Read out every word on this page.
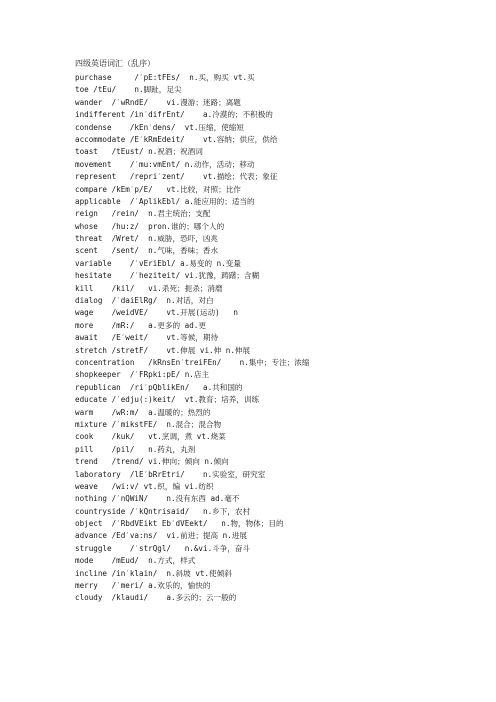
四级英语词汇（乱序）
purchase     /ˊpE:tFEs/  n.买，购买 vt.买
toe /tEu/    n.脚趾，足尖
wander  /ˊwRndE/    vi.漫游；迷路；离题
indifferent /inˊdifrEnt/    a.冷漠的；不积极的
condense    /kEnˊdens/  vt.压缩，使缩短
accommodate /EˊkRmEdeit/    vt.容纳；供应，供给
toast   /tEust/ n.祝酒；祝酒词
movement    /ˊmu:vmEnt/ n.动作，活动；移动
represent   /repriˊzent/    vt.描绘；代表；象征
compare /kEmˊp/E/   vt.比较，对照；比作
applicable  /ˊAplikEbl/ a.能应用的；适当的
reign   /rein/  n.君主统治；支配
whose   /hu:z/  pron.谁的；哪个人的
threat  /Wret/  n.威胁，恐吓，凶兆
scent   /sent/  n.气味，香味；香水
variable    /ˊvEriEbl/ a.易变的 n.变量
hesitate    /ˊheziteit/ vi.犹豫，踌躇；含糊
kill    /kil/   vi.杀死；扼杀；消磨
dialog  /ˊdaiElRg/  n.对话，对白
wage    /weidVE/    vt.开展(运动)   n
more    /mR:/   a.更多的 ad.更
await   /Eˊweit/    vt.等候，期待
stretch /stretF/    vt.伸展 vi.伸 n.伸展
concentration   /kRnsEnˊtreiFEn/    n.集中；专注；浓缩
shopkeeper  /ˊFRpki:pE/ n.店主
republican  /riˊpQblikEn/   a.共和国的
educate /ˊedju(:)keit/  vt.教育；培养，训练
warm    /wR:m/  a.温暖的；热烈的
mixture /ˊmikstFE/  n.混合；混合物
cook    /kuk/   vt.烹调，煮 vt.烧菜
pill    /pil/   n.药丸，丸剂
trend   /trend/ vi.伸向；倾向 n.倾向
laboratory  /lEˊbRrEtri/    n.实验室，研究室
weave   /wi:v/ vt.织，编 vi.纺织
nothing /ˊnQWiN/    n.没有东西 ad.毫不
countryside /ˊkQntrisaid/   n.乡下，农村
object  /ˊRbdVEikt EbˊdVEekt/   n.物，物体；目的
advance /Edˊva:ns/  vi.前进；提高 n.进展
struggle    /ˊstrQgl/   n.&vi.斗争，奋斗
mode    /mEud/  n.方式，样式
incline /inˊklain/  n.斜坡 vt.使倾斜
merry   /ˊmeri/ a.欢乐的，愉快的
cloudy  /klaudi/    a.多云的；云一般的
